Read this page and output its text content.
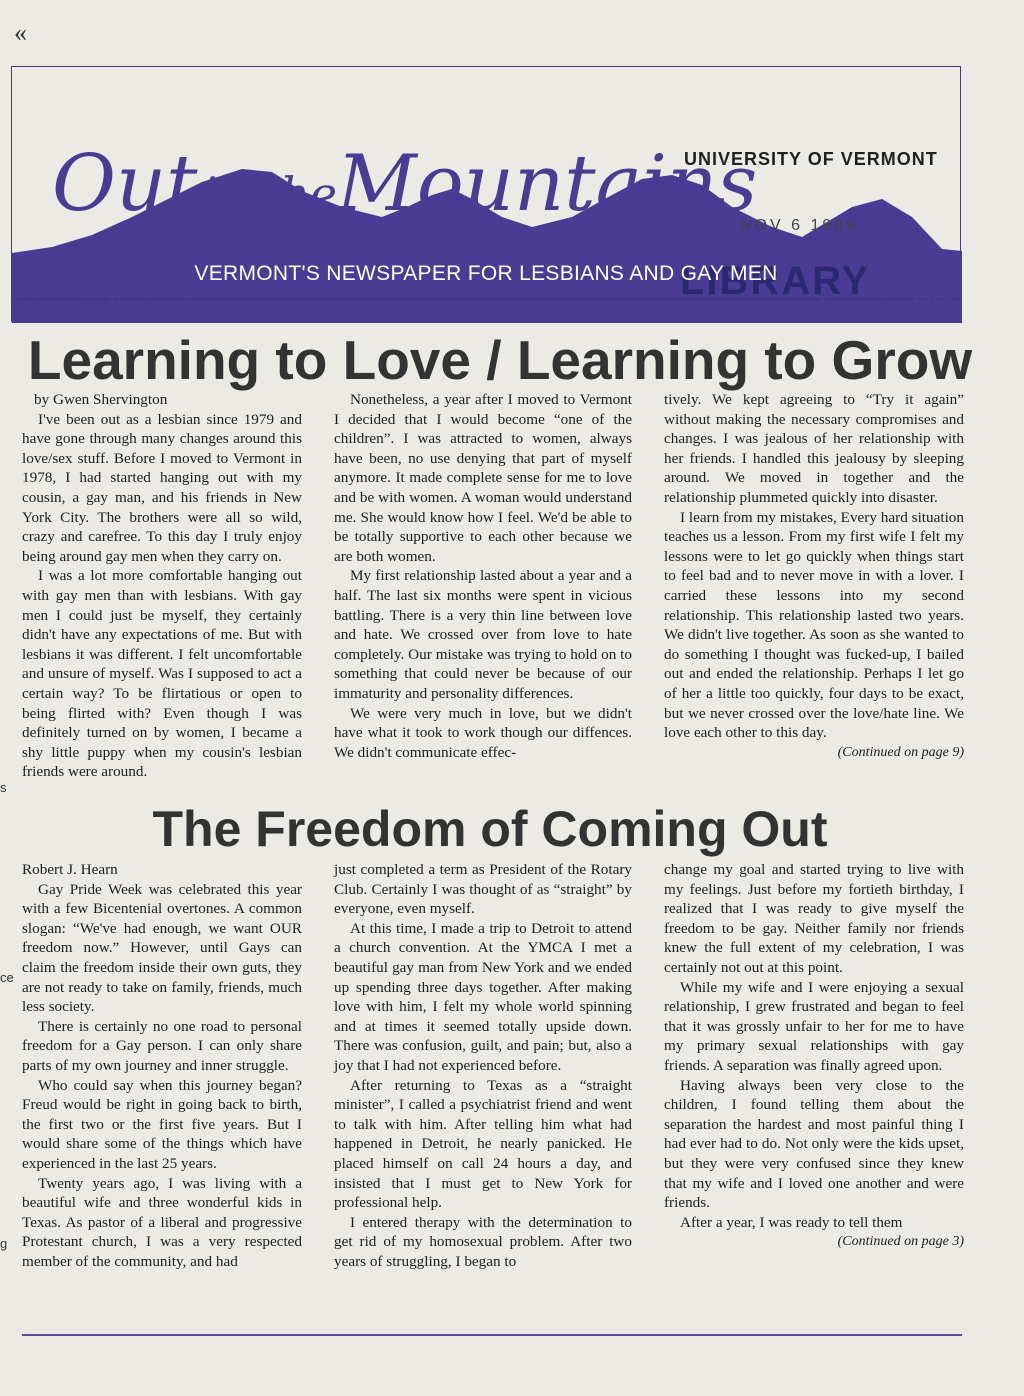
«
Out in theMountains
UNIVERSITY OF VERMONT
NOV 6 1989
LIBRARY
VERMONT'S NEWSPAPER FOR LESBIANS AND GAY MEN
Volume IV, Number 8	November 1989
Learning to Love / Learning to Grow

by Gwen Shervington

I've been out as a lesbian since 1979 and have gone through many changes around this love/sex stuff. Before I moved to Vermont in 1978, I had started hanging out with my cousin, a gay man, and his friends in New York City. The brothers were all so wild, crazy and carefree. To this day I truly enjoy being around gay men when they carry on.

I was a lot more comfortable hanging out with gay men than with lesbians. With gay men I could just be myself, they certainly didn't have any expectations of me. But with lesbians it was different. I felt uncomfortable and unsure of myself. Was I supposed to act a certain way? To be flirtatious or open to being flirted with? Even though I was definitely turned on by women, I became a shy little puppy when my cousin's lesbian friends were around.

Nonetheless, a year after I moved to Vermont I decided that I would become “one of the children”. I was attracted to women, always have been, no use denying that part of myself anymore. It made complete sense for me to love and be with women. A woman would understand me. She would know how I feel. We'd be able to be totally supportive to each other because we are both women.

My first relationship lasted about a year and a half. The last six months were spent in vicious battling. There is a very thin line between love and hate. We crossed over from love to hate completely. Our mistake was trying to hold on to something that could never be because of our immaturity and personality differences.

We were very much in love, but we didn't have what it took to work though our diffences. We didn't communicate effec-

tively. We kept agreeing to “Try it again” without making the necessary compromises and changes. I was jealous of her relationship with her friends. I handled this jealousy by sleeping around. We moved in together and the relationship plummeted quickly into disaster.

I learn from my mistakes, Every hard situation teaches us a lesson. From my first wife I felt my lessons were to let go quickly when things start to feel bad and to never move in with a lover. I carried these lessons into my second relationship. This relationship lasted two years. We didn't live together. As soon as she wanted to do something I thought was fucked-up, I bailed out and ended the relationship. Perhaps I let go of her a little too quickly, four days to be exact, but we never crossed over the love/hate line. We love each other to this day.

(Continued on page 9)
The Freedom of Coming Out

Robert J. Hearn

Gay Pride Week was celebrated this year with a few Bicentenial overtones. A common slogan: “We've had enough, we want OUR freedom now.” However, until Gays can claim the freedom inside their own guts, they are not ready to take on family, friends, much less society.

There is certainly no one road to personal freedom for a Gay person. I can only share parts of my own journey and inner struggle.

Who could say when this journey began? Freud would be right in going back to birth, the first two or the first five years. But I would share some of the things which have experienced in the last 25 years.

Twenty years ago, I was living with a beautiful wife and three wonderful kids in Texas. As pastor of a liberal and progressive Protestant church, I was a very respected member of the community, and had

just completed a term as President of the Rotary Club. Certainly I was thought of as “straight” by everyone, even myself.

At this time, I made a trip to Detroit to attend a church convention. At the YMCA I met a beautiful gay man from New York and we ended up spending three days together. After making love with him, I felt my whole world spinning and at times it seemed totally upside down. There was confusion, guilt, and pain; but, also a joy that I had not experienced before.

After returning to Texas as a “straight minister”, I called a psychiatrist friend and went to talk with him. After telling him what had happened in Detroit, he nearly panicked. He placed himself on call 24 hours a day, and insisted that I must get to New York for professional help.

I entered therapy with the determination to get rid of my homosexual problem. After two years of struggling, I began to

change my goal and started trying to live with my feelings. Just before my fortieth birthday, I realized that I was ready to give myself the freedom to be gay. Neither family nor friends knew the full extent of my celebration, I was certainly not out at this point.

While my wife and I were enjoying a sexual relationship, I grew frustrated and began to feel that it was grossly unfair to her for me to have my primary sexual relationships with gay friends. A separation was finally agreed upon.

Having always been very close to the children, I found telling them about the separation the hardest and most painful thing I had ever had to do. Not only were the kids upset, but they were very confused since they knew that my wife and I loved one another and were friends.

After a year, I was ready to tell them

(Continued on page 3)
s
ce
g
